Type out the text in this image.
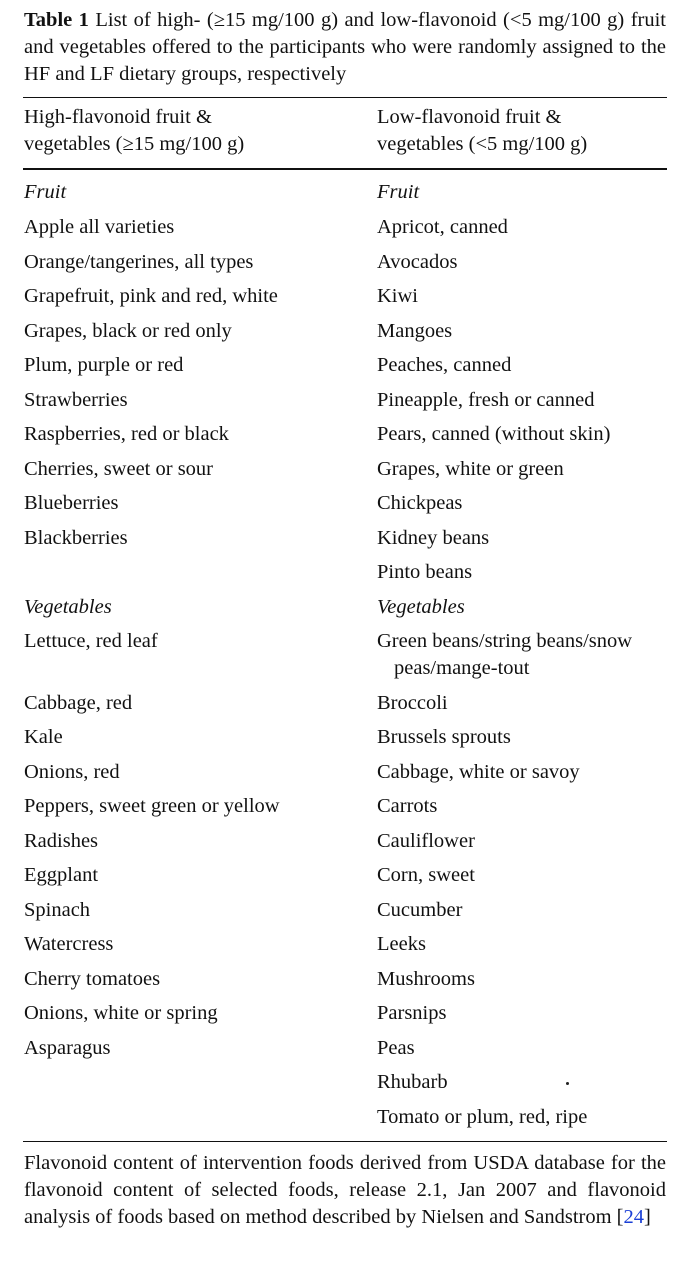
Table 1 List of high- (≥15 mg/100 g) and low-flavonoid (<5 mg/100 g) fruit and vegetables offered to the participants who were randomly assigned to the HF and LF dietary groups, respectively
High-flavonoid fruit &
vegetables (≥15 mg/100 g)
Low-flavonoid fruit &
vegetables (<5 mg/100 g)
Fruit
Apple all varieties
Orange/tangerines, all types
Grapefruit, pink and red, white
Grapes, black or red only
Plum, purple or red
Strawberries
Raspberries, red or black
Cherries, sweet or sour
Blueberries
Blackberries
Vegetables
Lettuce, red leaf
Cabbage, red
Kale
Onions, red
Peppers, sweet green or yellow
Radishes
Eggplant
Spinach
Watercress
Cherry tomatoes
Onions, white or spring
Asparagus
Fruit
Apricot, canned
Avocados
Kiwi
Mangoes
Peaches, canned
Pineapple, fresh or canned
Pears, canned (without skin)
Grapes, white or green
Chickpeas
Kidney beans
Pinto beans
Vegetables
Green beans/string beans/snow
peas/mange-tout
Broccoli
Brussels sprouts
Cabbage, white or savoy
Carrots
Cauliflower
Corn, sweet
Cucumber
Leeks
Mushrooms
Parsnips
Peas
Rhubarb
Tomato or plum, red, ripe
Flavonoid content of intervention foods derived from USDA database for the flavonoid content of selected foods, release 2.1, Jan 2007 and flavonoid analysis of foods based on method described by Nielsen and Sandstrom [24]
